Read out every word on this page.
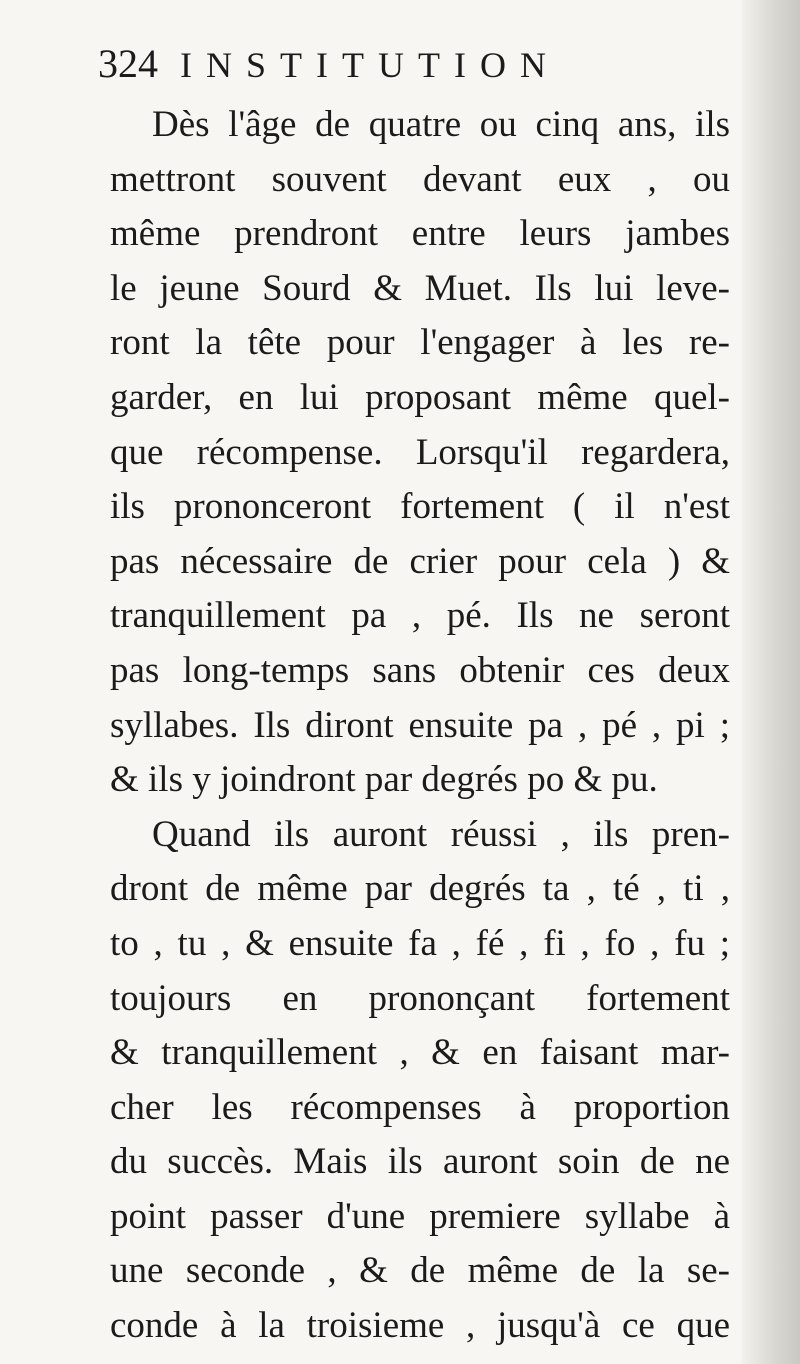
324 INSTITUTION
Dès l'âge de quatre ou cinq ans, ils
mettront souvent devant eux , ou
même prendront entre leurs jambes
le jeune Sourd & Muet. Ils lui leve-
ront la tête pour l'engager à les re-
garder, en lui proposant même quel-
que récompense. Lorsqu'il regardera,
ils prononceront fortement ( il n'est
pas nécessaire de crier pour cela ) &
tranquillement pa , pé. Ils ne seront
pas long-temps sans obtenir ces deux
syllabes. Ils diront ensuite pa , pé , pi ;
& ils y joindront par degrés po & pu.
Quand ils auront réussi , ils pren-
dront de même par degrés ta , té , ti ,
to , tu , & ensuite fa , fé , fi , fo , fu ;
toujours en prononçant fortement
& tranquillement , & en faisant mar-
cher les récompenses à proportion
du succès. Mais ils auront soin de ne
point passer d'une premiere syllabe à
une seconde , & de même de la se-
conde à la troisieme , jusqu'à ce que
